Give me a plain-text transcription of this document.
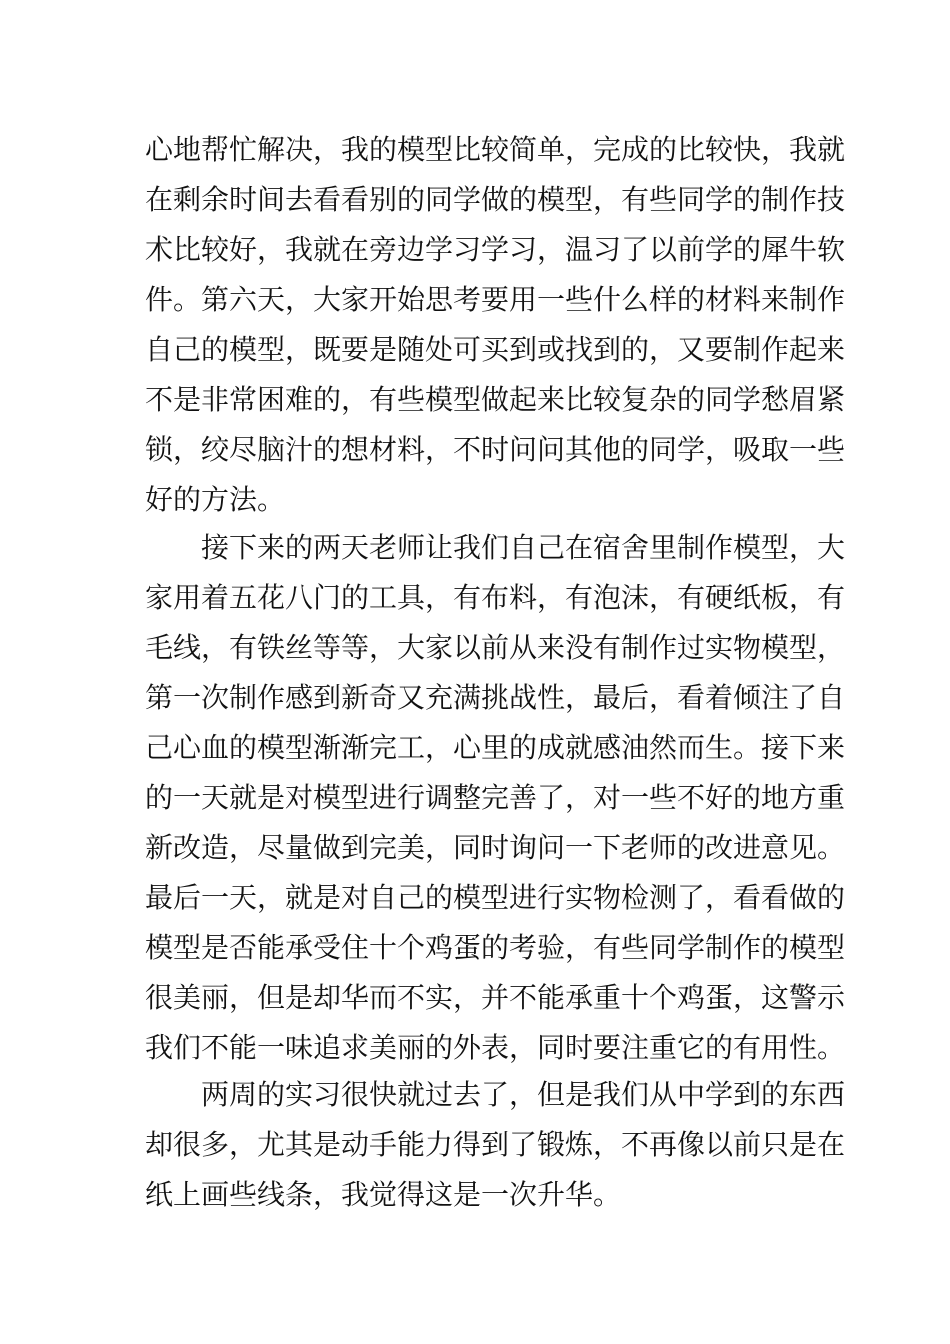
心地帮忙解决，我的模型比较简单，完成的比较快，我就
在剩余时间去看看别的同学做的模型，有些同学的制作技
术比较好，我就在旁边学习学习，温习了以前学的犀牛软
件。第六天，大家开始思考要用一些什么样的材料来制作
自己的模型，既要是随处可买到或找到的，又要制作起来
不是非常困难的，有些模型做起来比较复杂的同学愁眉紧
锁，绞尽脑汁的想材料，不时问问其他的同学，吸取一些
好的方法。
接下来的两天老师让我们自己在宿舍里制作模型，大
家用着五花八门的工具，有布料，有泡沫，有硬纸板，有
毛线，有铁丝等等，大家以前从来没有制作过实物模型，
第一次制作感到新奇又充满挑战性，最后，看着倾注了自
己心血的模型渐渐完工，心里的成就感油然而生。接下来
的一天就是对模型进行调整完善了，对一些不好的地方重
新改造，尽量做到完美，同时询问一下老师的改进意见。
最后一天，就是对自己的模型进行实物检测了，看看做的
模型是否能承受住十个鸡蛋的考验，有些同学制作的模型
很美丽，但是却华而不实，并不能承重十个鸡蛋，这警示
我们不能一味追求美丽的外表，同时要注重它的有用性。
两周的实习很快就过去了，但是我们从中学到的东西
却很多，尤其是动手能力得到了锻炼，不再像以前只是在
纸上画些线条，我觉得这是一次升华。
